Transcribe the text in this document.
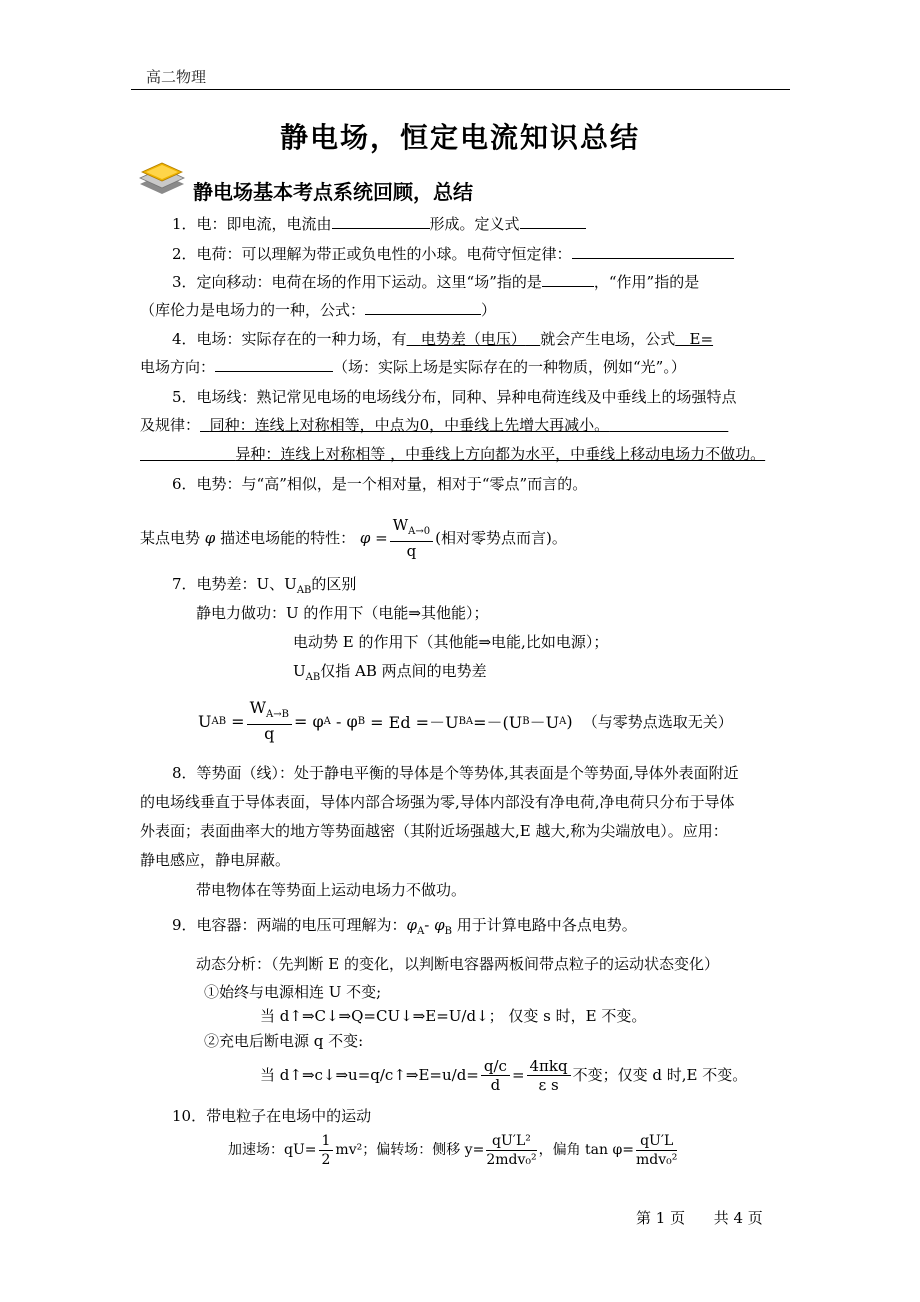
高二物理
静电场，恒定电流知识总结
静电场基本考点系统回顾，总结
1．电：即电流，电流由	形成。定义式
2．电荷：可以理解为带正或负电性的小球。电荷守恒定律：
3．定向移动：电荷在场的作用下运动。这里“场”指的是	，“作用”指的是
（库伦力是电场力的一种，公式：	）
4．电场：实际存在的一种力场，有 电势差（电压） 就会产生电场，公式 E=
电场方向：	（场：实际上场是实际存在的一种物质，例如“光”。）
5．电场线：熟记常见电场的电场线分布，同种、异种电荷连线及中垂线上的场强特点
及规律： 同种：连线上对称相等，中点为0，中垂线上先增大再减小。
异种：连线上对称相等 ，中垂线上方向都为水平，中垂线上移动电场力不做功。
6．电势：与“高”相似，是一个相对量，相对于“零点”而言的。
某点电势
φ
描述电场能的特性：
$\varphi = \frac{W_{A\to 0}}{q}$ (相对零势点而言)。
7．电势差：U、$U_{AB}$的区别
静电力做功：U 的作用下（电能⇒其他能）；
电动势 E 的作用下（其他能⇒电能,比如电源）；
$U_{AB}$仅指 AB 两点间的电势差
U AB
= $\frac{W_{A\to B}}{q} = \varphi$ A
- φ B
= Ed =－U BA =－(U B －U A )
（与零势点选取无关）
8．等势面（线）：处于静电平衡的导体是个等势体,其表面是个等势面,导体外表面附近
的电场线垂直于导体表面，导体内部合场强为零,导体内部没有净电荷,净电荷只分布于导体
外表面；表面曲率大的地方等势面越密（其附近场强越大,E 越大,称为尖端放电）。应用：
静电感应，静电屏蔽。
带电物体在等势面上运动电场力不做功。
9．电容器：两端的电压可理解为：$\varphi_A-$ $\varphi_B$ 用于计算电路中各点电势。
动态分析：（先判断 E 的变化，以判断电容器两板间带点粒子的运动状态变化）
①始终与电源相连 U 不变;
当 d↑⇒C↓⇒Q=CU↓⇒E=U/d↓； 仅变 s 时，E 不变。
②充电后断电源 q 不变:
当 d↑⇒c↓⇒u=q/c↑⇒E=u/d= $\frac{q/c}{d} = \frac{\text{4πkq}}{\text{ε s}}$ 不变；仅变 d 时,E 不变。
10．带电粒子在电场中的运动
加速场：$qU= \frac{1}{2} mv^2$；偏转场：侧移 $y= \frac{\text{qU′L²}}{\text{2mdv₀²}}$ ，偏角 $\tan \varphi= \frac{qU'L}{\text{mdv₀²}}$
第 1 页 共 4 页
